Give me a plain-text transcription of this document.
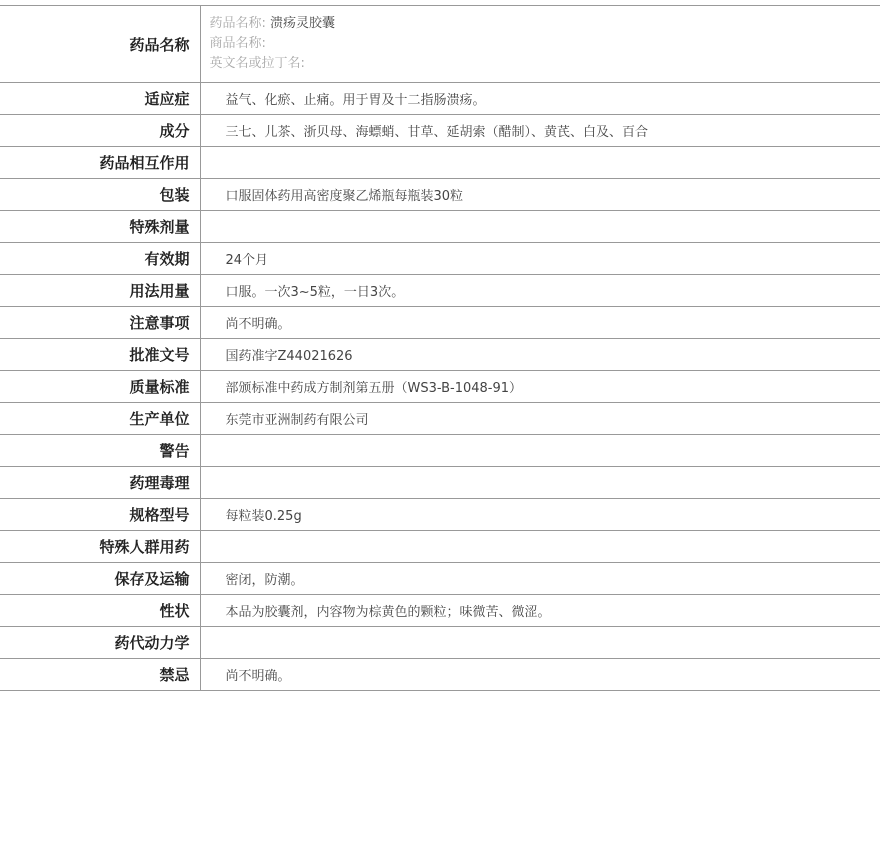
药品名称	药品名称: 溃疡灵胶囊
商品名称:
英文名或拉丁名:

适应症	益气、化瘀、止痛。用于胃及十二指肠溃疡。
成分	三七、儿茶、浙贝母、海螵蛸、甘草、延胡索（醋制）、黄芪、白及、百合
药品相互作用	
包装	口服固体药用高密度聚乙烯瓶每瓶装30粒
特殊剂量	
有效期	24个月
用法用量	口服。一次3~5粒，一日3次。
注意事项	尚不明确。
批准文号	国药准字Z44021626
质量标准	部颁标准中药成方制剂第五册（WS3-B-1048-91）
生产单位	东莞市亚洲制药有限公司
警告	
药理毒理	
规格型号	每粒装0.25g
特殊人群用药	
保存及运输	密闭，防潮。
性状	本品为胶囊剂，内容物为棕黄色的颗粒；味微苦、微涩。
药代动力学	
禁忌	尚不明确。
